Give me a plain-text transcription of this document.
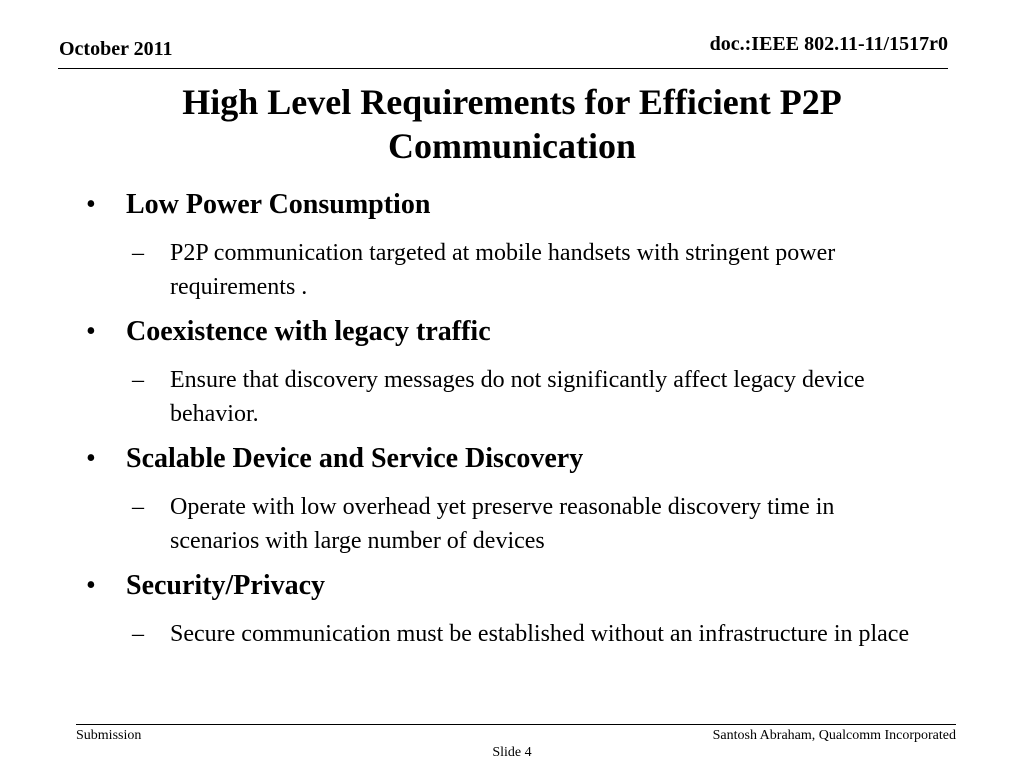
October 2011	doc.:IEEE 802.11-11/1517r0
High Level Requirements for Efficient P2P
Communication
•	Low Power Consumption
–	P2P communication targeted at mobile handsets with stringent power requirements .
•	Coexistence with legacy traffic
–	Ensure that discovery messages do not significantly affect legacy device behavior.
•	Scalable Device and Service Discovery
–	Operate with low overhead yet preserve reasonable discovery time in scenarios with large number of devices
•	Security/Privacy
–	Secure communication must be established without an infrastructure in place
Submission	Santosh Abraham, Qualcomm Incorporated
Slide 4
